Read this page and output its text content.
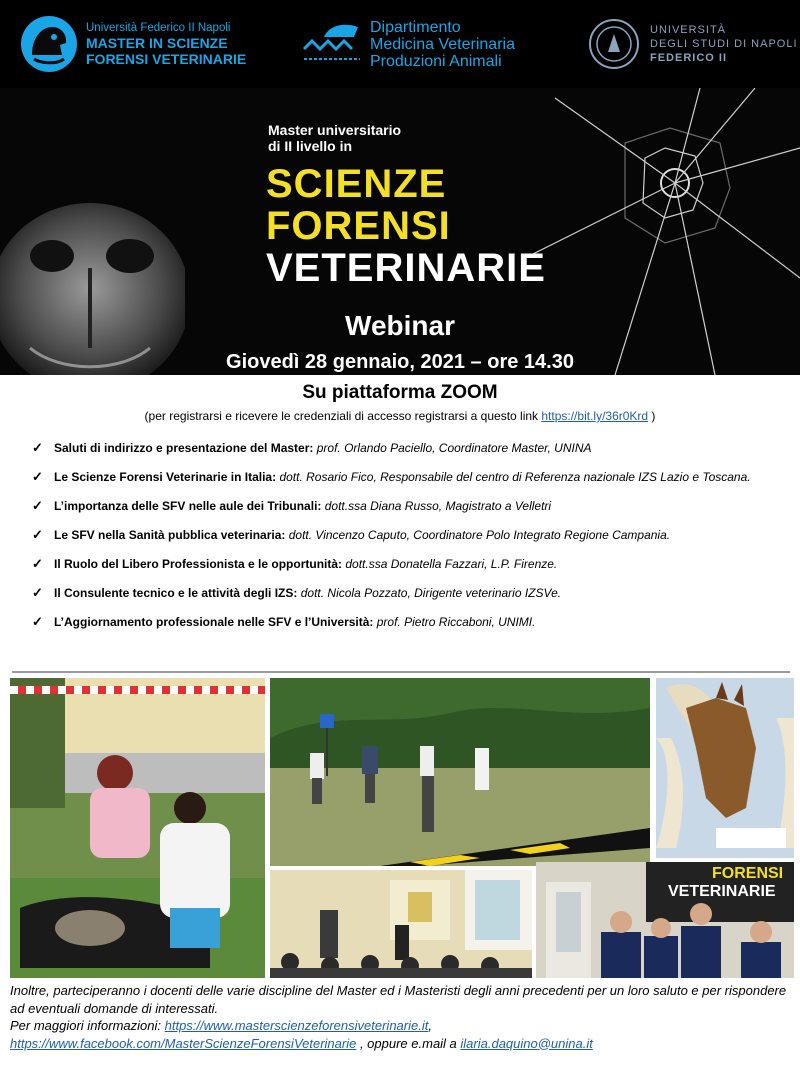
Università Federico II Napoli
MASTER IN SCIENZE
FORENSI VETERINARIE
Dipartimento
Medicina Veterinaria
Produzioni Animali
UNIVERSITÀ
DEGLI STUDI DI NAPOLI
FEDERICO II
Master universitario
di II livello in
SCIENZE
FORENSI
VETERINARIE
Webinar
Giovedì 28 gennaio, 2021 – ore 14.30
Su piattaforma ZOOM
(per registrarsi e ricevere le credenziali di accesso registrarsi a questo link https://bit.ly/36r0Krd )
✓ Saluti di indirizzo e presentazione del Master: prof. Orlando Paciello, Coordinatore Master, UNINA
✓ Le Scienze Forensi Veterinarie in Italia: dott. Rosario Fico, Responsabile del centro di Referenza nazionale IZS Lazio e Toscana.
✓ L’importanza delle SFV nelle aule dei Tribunali: dott.ssa Diana Russo, Magistrato a Velletri
✓ Le SFV nella Sanità pubblica veterinaria: dott. Vincenzo Caputo, Coordinatore Polo Integrato Regione Campania.
✓ Il Ruolo del Libero Professionista e le opportunità: dott.ssa Donatella Fazzari, L.P. Firenze.
✓ Il Consulente tecnico e le attività degli IZS: dott. Nicola Pozzato, Dirigente veterinario IZSVe.
✓ L’Aggiornamento professionale nelle SFV e l’Università: prof. Pietro Riccaboni, UNIMI.
FORENSI
VETERINARIE
Inoltre, parteciperanno i docenti delle varie discipline del Master ed i Masteristi degli anni precedenti per un loro saluto e per rispondere ad eventuali domande di interessati.
Per maggiori informazioni: https://www.masterscienzeforensiveterinarie.it,
https://www.facebook.com/MasterScienzeForensiVeterinarie , oppure e.mail a ilaria.daquino@unina.it
